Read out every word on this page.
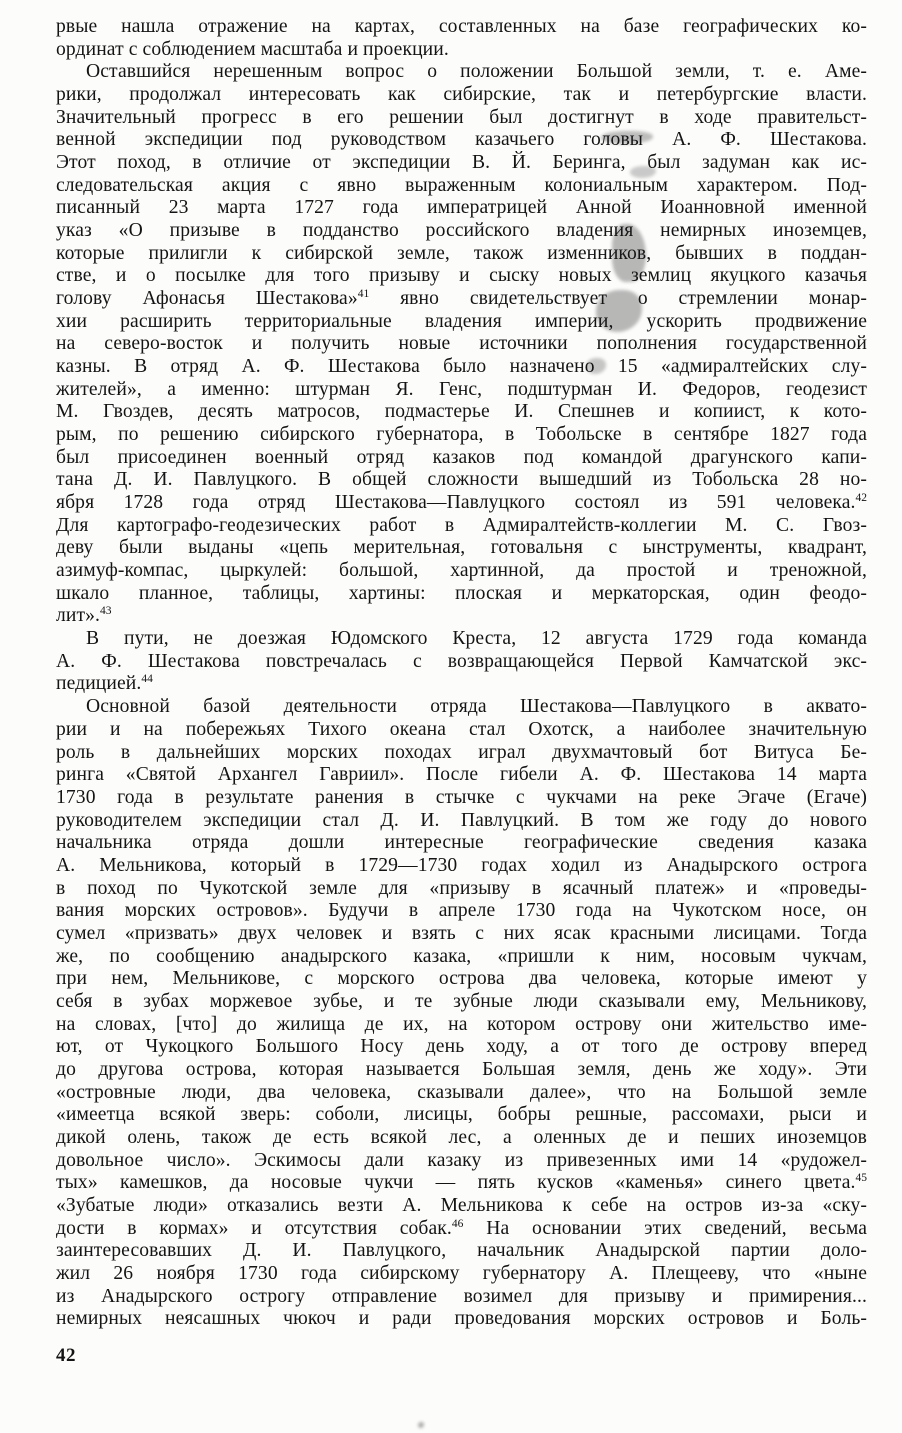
рвые нашла отражение на картах, составленных на базе географических ко-
ординат с соблюдением масштаба и проекции.
Оставшийся нерешенным вопрос о положении Большой земли, т. е. Аме-
рики, продолжал интересовать как сибирские, так и петербургские власти.
Значительный прогресс в его решении был достигнут в ходе правительст-
венной экспедиции под руководством казачьего головы А. Ф. Шестакова.
Этот поход, в отличие от экспедиции В. Й. Беринга, был задуман как ис-
следовательская акция с явно выраженным колониальным характером. Под-
писанный 23 марта 1727 года императрицей Анной Иоанновной именной
указ «О призыве в подданство российского владения немирных иноземцев,
которые прилигли к сибирской земле, також изменников, бывших в поддан-
стве, и о посылке для того призыву и сыску новых землиц якуцкого казачья
голову Афонасья Шестакова»$^{41}$ явно свидетельствует о стремлении монар-
хии расширить территориальные владения империи, ускорить продвижение
на северо-восток и получить новые источники пополнения государственной
казны. В отряд А. Ф. Шестакова было назначено 15 «адмиралтейских слу-
жителей», а именно: штурман Я. Генс, подштурман И. Федоров, геодезист
М. Гвоздев, десять матросов, подмастерье И. Спешнев и копиист, к кото-
рым, по решению сибирского губернатора, в Тобольске в сентябре 1827 года
был присоединен военный отряд казаков под командой драгунского капи-
тана Д. И. Павлуцкого. В общей сложности вышедший из Тобольска 28 но-
ября 1728 года отряд Шестакова—Павлуцкого состоял из 591 человека.$^{42}$
Для картографо-геодезических работ в Адмиралтейств-коллегии М. С. Гвоз-
деву были выданы «цепь мерительная, готовальня с ынструменты, квадрант,
азимуф-компас, цыркулей: большой, хартинной, да простой и треножной,
шкало планное, таблицы, хартины: плоская и меркаторская, один феодо-
лит».$^{43}$
В пути, не доезжая Юдомского Креста, 12 августа 1729 года команда
А. Ф. Шестакова повстречалась с возвращающейся Первой Камчатской экс-
педицией.$^{44}$
Основной базой деятельности отряда Шестакова—Павлуцкого в аквато-
рии и на побережьях Тихого океана стал Охотск, а наиболее значительную
роль в дальнейших морских походах играл двухмачтовый бот Витуса Бе-
ринга «Святой Архангел Гавриил». После гибели А. Ф. Шестакова 14 марта
1730 года в результате ранения в стычке с чукчами на реке Эгаче (Егаче)
руководителем экспедиции стал Д. И. Павлуцкий. В том же году до нового
начальника отряда дошли интересные географические сведения казака
А. Мельникова, который в 1729—1730 годах ходил из Анадырского острога
в поход по Чукотской земле для «призыву в ясачный платеж» и «проведы-
вания морских островов». Будучи в апреле 1730 года на Чукотском носе, он
сумел «призвать» двух человек и взять с них ясак красными лисицами. Тогда
же, по сообщению анадырского казака, «пришли к ним, носовым чукчам,
при нем, Мельникове, с морского острова два человека, которые имеют у
себя в зубах моржевое зубье, и те зубные люди сказывали ему, Мельникову,
на словах, [что] до жилища де их, на котором острову они жительство име-
ют, от Чукоцкого Большого Носу день ходу, а от того де острову вперед
до другова острова, которая называется Большая земля, день же ходу». Эти
«островные люди, два человека, сказывали далее», что на Большой земле
«имеетца всякой зверь: соболи, лисицы, бобры решные, рассомахи, рыси и
дикой олень, також де есть всякой лес, а оленных де и пеших иноземцов
довольное число». Эскимосы дали казаку из привезенных ими 14 «рудожел-
тых» камешков, да носовые чукчи — пять кусков «каменья» синего цвета.$^{45}$
«Зубатые люди» отказались везти А. Мельникова к себе на остров из-за «ску-
дости в кормах» и отсутствия собак.$^{46}$ На основании этих сведений, весьма
заинтересовавших Д. И. Павлуцкого, начальник Анадырской партии доло-
жил 26 ноября 1730 года сибирскому губернатору А. Плещееву, что «ныне
из Анадырского острогу отправление возимел для призыву и примирения...
немирных неясашных чюкоч и ради проведования морских островов и Боль-
42
